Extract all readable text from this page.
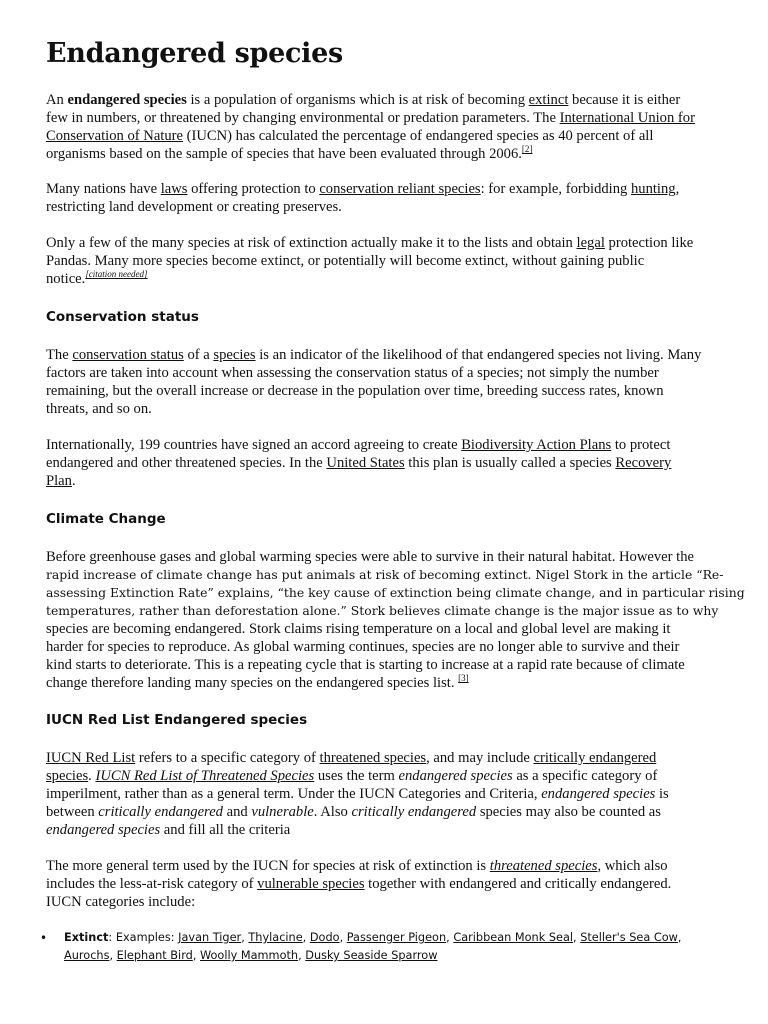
Endangered species
An endangered species is a population of organisms which is at risk of becoming extinct because it is either
few in numbers, or threatened by changing environmental or predation parameters. The International Union for
Conservation of Nature (IUCN) has calculated the percentage of endangered species as 40 percent of all
organisms based on the sample of species that have been evaluated through 2006.[2]
Many nations have laws offering protection to conservation reliant species: for example, forbidding hunting,
restricting land development or creating preserves.
Only a few of the many species at risk of extinction actually make it to the lists and obtain legal protection like
Pandas. Many more species become extinct, or potentially will become extinct, without gaining public
notice.[citation needed]
Conservation status
The conservation status of a species is an indicator of the likelihood of that endangered species not living. Many
factors are taken into account when assessing the conservation status of a species; not simply the number
remaining, but the overall increase or decrease in the population over time, breeding success rates, known
threats, and so on.
Internationally, 199 countries have signed an accord agreeing to create Biodiversity Action Plans to protect
endangered and other threatened species. In the United States this plan is usually called a species Recovery
Plan.
Climate Change
Before greenhouse gases and global warming species were able to survive in their natural habitat. However the
rapid increase of climate change has put animals at risk of becoming extinct. Nigel Stork in the article “Re-
assessing Extinction Rate” explains, “the key cause of extinction being climate change, and in particular rising
temperatures, rather than deforestation alone.” Stork believes climate change is the major issue as to why
species are becoming endangered. Stork claims rising temperature on a local and global level are making it
harder for species to reproduce. As global warming continues, species are no longer able to survive and their
kind starts to deteriorate. This is a repeating cycle that is starting to increase at a rapid rate because of climate
change therefore landing many species on the endangered species list. [3]
IUCN Red List Endangered species
IUCN Red List refers to a specific category of threatened species, and may include critically endangered
species. IUCN Red List of Threatened Species uses the term endangered species as a specific category of
imperilment, rather than as a general term. Under the IUCN Categories and Criteria, endangered species is
between critically endangered and vulnerable. Also critically endangered species may also be counted as
endangered species and fill all the criteria
The more general term used by the IUCN for species at risk of extinction is threatened species, which also
includes the less-at-risk category of vulnerable species together with endangered and critically endangered.
IUCN categories include:
• Extinct: Examples: Javan Tiger, Thylacine, Dodo, Passenger Pigeon, Caribbean Monk Seal, Steller's Sea Cow,
Aurochs, Elephant Bird, Woolly Mammoth, Dusky Seaside Sparrow
